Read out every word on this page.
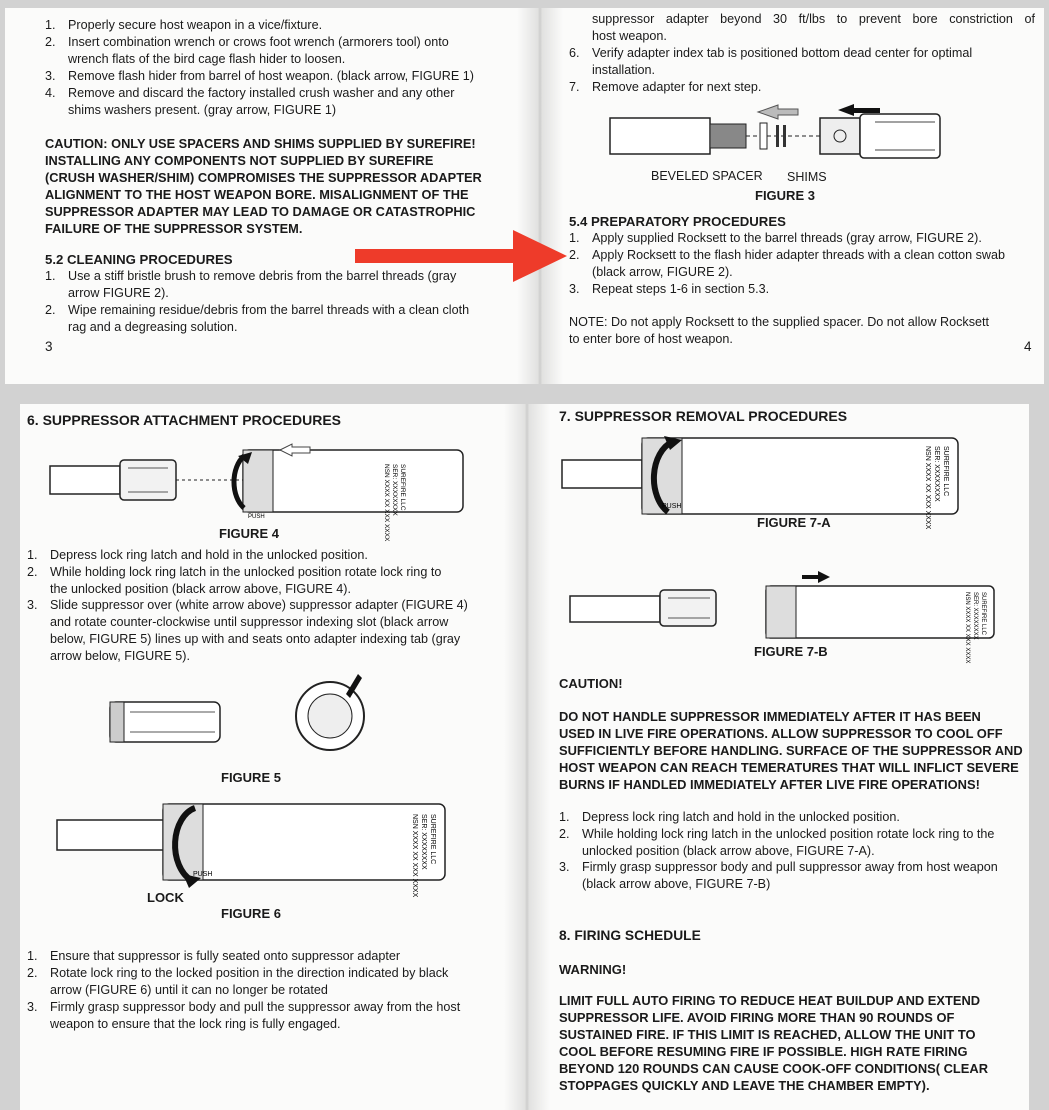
1. Properly secure host weapon in a vice/fixture.
2. Insert combination wrench or crows foot wrench (armorers tool) onto
wrench flats of the bird cage flash hider to loosen.
3. Remove flash hider from barrel of host weapon. (black arrow, FIGURE 1)
4. Remove and discard the factory installed crush washer and any other
shims washers present. (gray arrow, FIGURE 1)
CAUTION: ONLY USE SPACERS AND SHIMS SUPPLIED BY SUREFIRE!
INSTALLING ANY COMPONENTS NOT SUPPLIED BY SUREFIRE
(CRUSH WASHER/SHIM) COMPROMISES THE SUPPRESSOR ADAPTER
ALIGNMENT TO THE HOST WEAPON BORE. MISALIGNMENT OF THE
SUPPRESSOR ADAPTER MAY LEAD TO DAMAGE OR CATASTROPHIC
FAILURE OF THE SUPPRESSOR SYSTEM.
5.2 CLEANING PROCEDURES
1. Use a stiff bristle brush to remove debris from the barrel threads (gray
arrow FIGURE 2).
2. Wipe remaining residue/debris from the barrel threads with a clean cloth
rag and a degreasing solution.
3
suppressor adapter beyond 30 ft/lbs to prevent bore constriction of
host weapon.
6. Verify adapter index tab is positioned bottom dead center for optimal
installation.
7. Remove adapter for next step.
BEVELED SPACER SHIMS
FIGURE 3
5.4 PREPARATORY PROCEDURES
1. Apply supplied Rocksett to the barrel threads (gray arrow, FIGURE 2).
2. Apply Rocksett to the flash hider adapter threads with a clean cotton swab
(black arrow, FIGURE 2).
3. Repeat steps 1-6 in section 5.3.
NOTE: Do not apply Rocksett to the supplied spacer. Do not allow Rocksett
to enter bore of host weapon.	4
6. SUPPRESSOR ATTACHMENT PROCEDURES
SUREFIRE LLC
SER: XXXXXXXX
NSN XXXX XX XXX XXXX
PUSH
FIGURE 4
1. Depress lock ring latch and hold in the unlocked position.
2. While holding lock ring latch in the unlocked position rotate lock ring to
the unlocked position (black arrow above, FIGURE 4).
3. Slide suppressor over (white arrow above) suppressor adapter (FIGURE 4)
and rotate counter-clockwise until suppressor indexing slot (black arrow
below, FIGURE 5) lines up with and seats onto adapter indexing tab (gray
arrow below, FIGURE 5).
FIGURE 5
PUSH
SUREFIRE LLC
SER: XXXXXXXX
NSN XXXX XX XXX XXXX
LOCK
FIGURE 6
1. Ensure that suppressor is fully seated onto suppressor adapter
2. Rotate lock ring to the locked position in the direction indicated by black
arrow (FIGURE 6) until it can no longer be rotated
3. Firmly grasp suppressor body and pull the suppressor away from the host
weapon to ensure that the lock ring is fully engaged.
7. SUPPRESSOR REMOVAL PROCEDURES
PUSH
SUREFIRE LLC
SER: XXXXXXXX
NSN XXXX XX XXX XXXX
FIGURE 7-A
SUREFIRE LLC
SER: XXXXXXXX
NSN XXXX XX XXX XXXX
FIGURE 7-B
CAUTION!
DO NOT HANDLE SUPPRESSOR IMMEDIATELY AFTER IT HAS BEEN
USED IN LIVE FIRE OPERATIONS. ALLOW SUPPRESSOR TO COOL OFF
SUFFICIENTLY BEFORE HANDLING. SURFACE OF THE SUPPRESSOR AND
HOST WEAPON CAN REACH TEMERATURES THAT WILL INFLICT SEVERE
BURNS IF HANDLED IMMEDIATELY AFTER LIVE FIRE OPERATIONS!
1. Depress lock ring latch and hold in the unlocked position.
2. While holding lock ring latch in the unlocked position rotate lock ring to the
unlocked position (black arrow above, FIGURE 7-A).
3. Firmly grasp suppressor body and pull suppressor away from host weapon
(black arrow above, FIGURE 7-B)
8. FIRING SCHEDULE
WARNING!
LIMIT FULL AUTO FIRING TO REDUCE HEAT BUILDUP AND EXTEND
SUPPRESSOR LIFE. AVOID FIRING MORE THAN 90 ROUNDS OF
SUSTAINED FIRE. IF THIS LIMIT IS REACHED, ALLOW THE UNIT TO
COOL BEFORE RESUMING FIRE IF POSSIBLE. HIGH RATE FIRING
BEYOND 120 ROUNDS CAN CAUSE COOK-OFF CONDITIONS( CLEAR
STOPPAGES QUICKLY AND LEAVE THE CHAMBER EMPTY).
